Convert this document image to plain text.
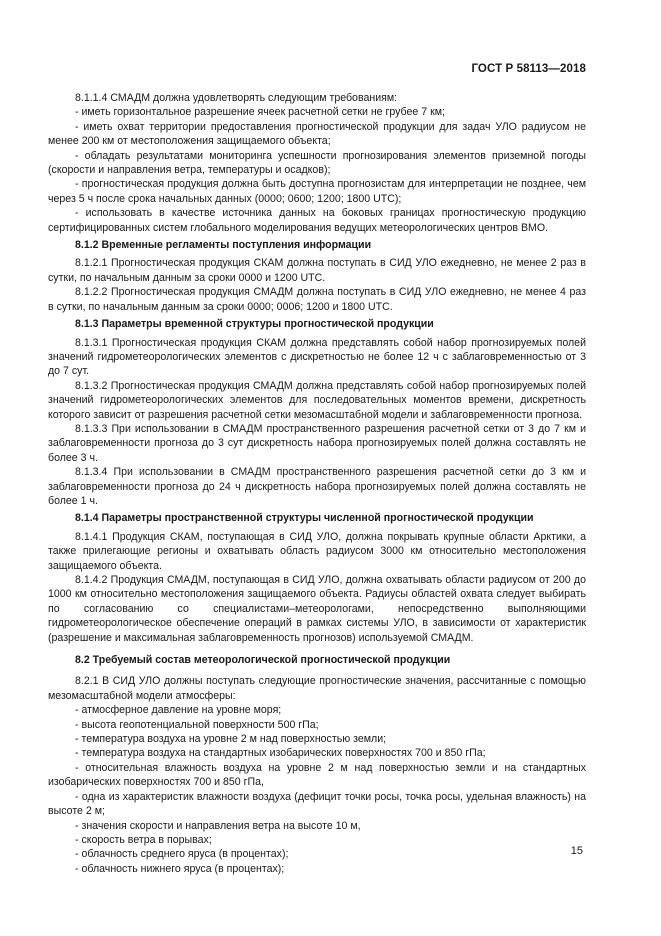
ГОСТ Р 58113—2018

8.1.1.4 СМАДМ должна удовлетворять следующим требованиям:

- иметь горизонтальное разрешение ячеек расчетной сетки не грубее 7 км;

- иметь охват территории предоставления прогностической продукции для задач УЛО радиусом не менее 200 км от местоположения защищаемого объекта;

- обладать результатами мониторинга успешности прогнозирования элементов приземной погоды (скорости и направления ветра, температуры и осадков);

- прогностическая продукция должна быть доступна прогнозистам для интерпретации не позднее, чем через 5 ч после срока начальных данных (0000; 0600; 1200; 1800 UTC);

- использовать в качестве источника данных на боковых границах прогностическую продукцию сертифицированных систем глобального моделирования ведущих метеорологических центров ВМО.

8.1.2 Временные регламенты поступления информации

8.1.2.1 Прогностическая продукция СКАМ должна поступать в СИД УЛО ежедневно, не менее 2 раз в сутки, по начальным данным за сроки 0000 и 1200 UTC.

8.1.2.2 Прогностическая продукция СМАДМ должна поступать в СИД УЛО ежедневно, не менее 4 раз в сутки, по начальным данным за сроки 0000; 0006; 1200 и 1800 UTC.

8.1.3 Параметры временной структуры прогностической продукции

8.1.3.1 Прогностическая продукция СКАМ должна представлять собой набор прогнозируемых полей значений гидрометеорологических элементов с дискретностью не более 12 ч с заблаговременностью от 3 до 7 сут.

8.1.3.2 Прогностическая продукция СМАДМ должна представлять собой набор прогнозируемых полей значений гидрометеорологических элементов для последовательных моментов времени, дискретность которого зависит от разрешения расчетной сетки мезомасштабной модели и заблаговременности прогноза.

8.1.3.3 При использовании в СМАДМ пространственного разрешения расчетной сетки от 3 до 7 км и заблаговременности прогноза до 3 сут дискретность набора прогнозируемых полей должна составлять не более 3 ч.

8.1.3.4 При использовании в СМАДМ пространственного разрешения расчетной сетки до 3 км и заблаговременности прогноза до 24 ч дискретность набора прогнозируемых полей должна составлять не более 1 ч.

8.1.4 Параметры пространственной структуры численной прогностической продукции

8.1.4.1 Продукция СКАМ, поступающая в СИД УЛО, должна покрывать крупные области Арктики, а также прилегающие регионы и охватывать область радиусом 3000 км относительно местоположения защищаемого объекта.

8.1.4.2 Продукция СМАДМ, поступающая в СИД УЛО, должна охватывать области радиусом от 200 до 1000 км относительно местоположения защищаемого объекта. Радиусы областей охвата следует выбирать по согласованию со специалистами–метеорологами, непосредственно выполняющими гидрометеорологическое обеспечение операций в рамках системы УЛО, в зависимости от характеристик (разрешение и максимальная заблаговременность прогнозов) используемой СМАДМ.

8.2 Требуемый состав метеорологической прогностической продукции

8.2.1 В СИД УЛО должны поступать следующие прогностические значения, рассчитанные с помощью мезомасштабной модели атмосферы:

- атмосферное давление на уровне моря;

- высота геопотенциальной поверхности 500 гПа;

- температура воздуха на уровне 2 м над поверхностью земли;

- температура воздуха на стандартных изобарических поверхностях 700 и 850 гПа;

- относительная влажность воздуха на уровне 2 м над поверхностью земли и на стандартных изобарических поверхностях 700 и 850 гПа,

- одна из характеристик влажности воздуха (дефицит точки росы, точка росы, удельная влажность) на высоте 2 м;

- значения скорости и направления ветра на высоте 10 м,

- скорость ветра в порывах;

- облачность среднего яруса (в процентах);

- облачность нижнего яруса (в процентах);

15
